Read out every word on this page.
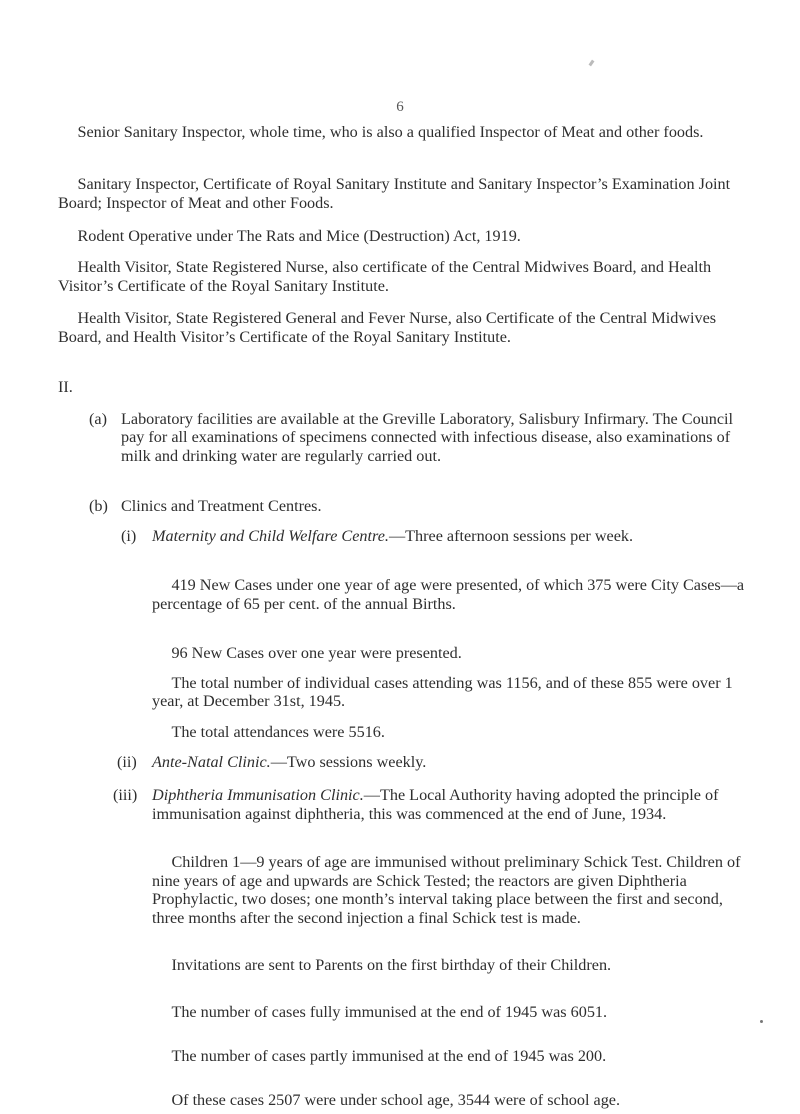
6

Senior Sanitary Inspector, whole time, who is also a qualified Inspector of Meat and other foods.

Sanitary Inspector, Certificate of Royal Sanitary Institute and Sanitary Inspector’s Examination Joint Board; Inspector of Meat and other Foods.

Rodent Operative under The Rats and Mice (Destruction) Act, 1919.

Health Visitor, State Registered Nurse, also certificate of the Central Midwives Board, and Health Visitor’s Certificate of the Royal Sanitary Institute.

Health Visitor, State Registered General and Fever Nurse, also Certificate of the Central Midwives Board, and Health Visitor’s Certificate of the Royal Sanitary Institute.

II.
(a) Laboratory facilities are available at the Greville Laboratory, Salisbury Infirmary. The Council pay for all examinations of specimens connected with infectious disease, also examinations of milk and drinking water are regularly carried out.

(b) Clinics and Treatment Centres.

(i) Maternity and Child Welfare Centre.—Three afternoon sessions per week.

419 New Cases under one year of age were presented, of which 375 were City Cases—a percentage of 65 per cent. of the annual Births.

96 New Cases over one year were presented.

The total number of individual cases attending was 1156, and of these 855 were over 1 year, at December 31st, 1945.

The total attendances were 5516.

(ii) Ante-Natal Clinic.—Two sessions weekly.

(iii) Diphtheria Immunisation Clinic.—The Local Authority having adopted the principle of immunisation against diphtheria, this was commenced at the end of June, 1934.

Children 1—9 years of age are immunised without preliminary Schick Test. Children of nine years of age and upwards are Schick Tested; the reactors are given Diphtheria Prophylactic, two doses; one month’s interval taking place between the first and second, three months after the second injection a final Schick test is made.

Invitations are sent to Parents on the first birthday of their Children.

The number of cases fully immunised at the end of 1945 was 6051.

The number of cases partly immunised at the end of 1945 was 200.

Of these cases 2507 were under school age, 3544 were of school age.
